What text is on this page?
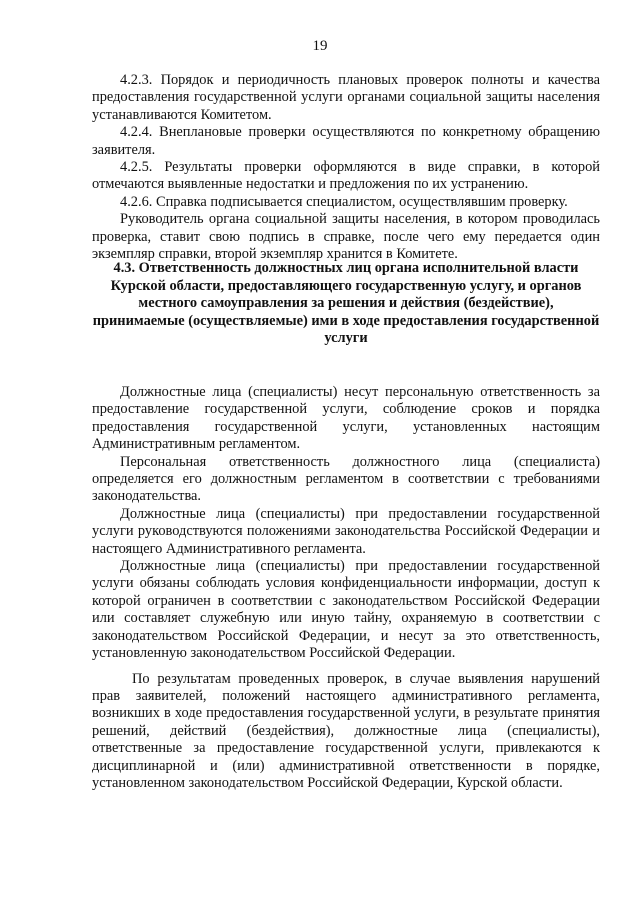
19

4.2.3. Порядок и периодичность плановых проверок полноты и качества предоставления государственной услуги органами социальной защиты населения устанавливаются Комитетом.

4.2.4. Внеплановые проверки осуществляются по конкретному обращению заявителя.

4.2.5. Результаты проверки оформляются в виде справки, в которой отмечаются выявленные недостатки и предложения по их устранению.

4.2.6. Справка подписывается специалистом, осуществлявшим проверку.

Руководитель органа социальной защиты населения, в котором проводилась проверка, ставит свою подпись в справке, после чего ему передается один экземпляр справки, второй экземпляр хранится в Комитете.

4.3. Ответственность должностных лиц органа исполнительной власти Курской области, предоставляющего государственную услугу, и органов местного самоуправления за решения и действия (бездействие), принимаемые (осуществляемые) ими в ходе предоставления государственной услуги

Должностные лица (специалисты) несут персональную ответственность за предоставление государственной услуги, соблюдение сроков и порядка предоставления государственной услуги, установленных настоящим Административным регламентом.

Персональная ответственность должностного лица (специалиста) определяется его должностным регламентом в соответствии с требованиями законодательства.

Должностные лица (специалисты) при предоставлении государственной услуги руководствуются положениями законодательства Российской Федерации и настоящего Административного регламента.

Должностные лица (специалисты) при предоставлении государственной услуги обязаны соблюдать условия конфиденциальности информации, доступ к которой ограничен в соответствии с законодательством Российской Федерации или составляет служебную или иную тайну, охраняемую в соответствии с законодательством Российской Федерации, и несут за это ответственность, установленную законодательством Российской Федерации.

По результатам проведенных проверок, в случае выявления нарушений прав заявителей, положений настоящего административного регламента, возникших в ходе предоставления государственной услуги, в результате принятия решений, действий (бездействия), должностные лица (специалисты), ответственные за предоставление государственной услуги, привлекаются к дисциплинарной и (или) административной ответственности в порядке, установленном законодательством Российской Федерации, Курской области.
